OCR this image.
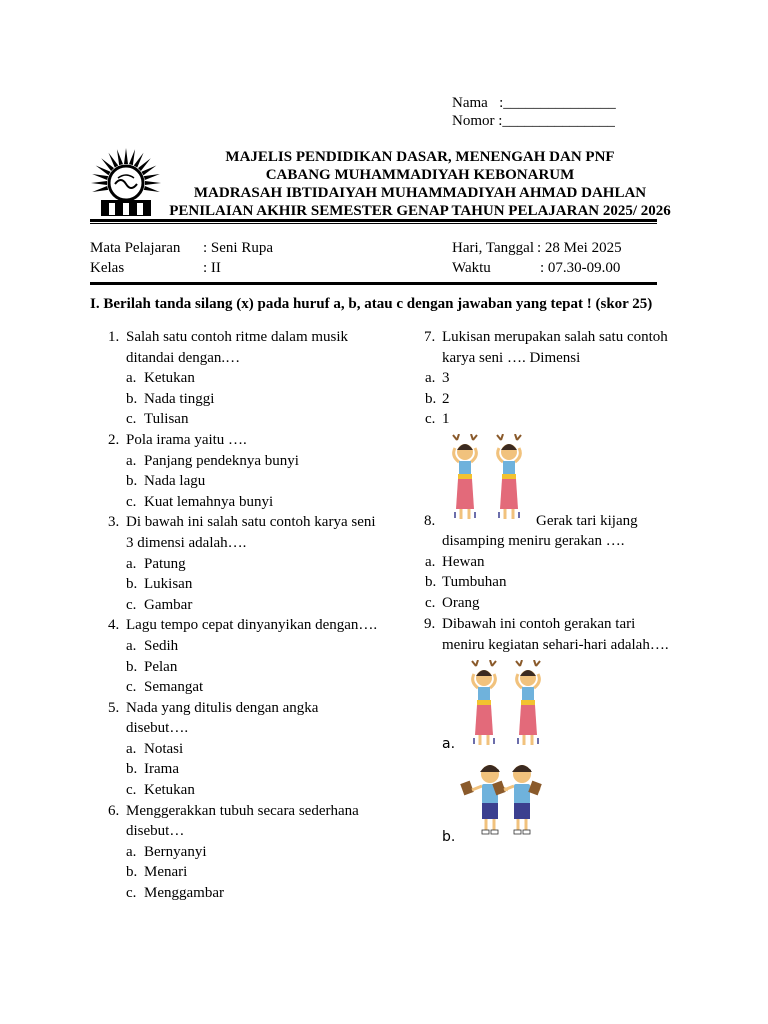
Nama   :_______________
Nomor :_______________
MAJELIS PENDIDIKAN DASAR, MENENGAH DAN PNF
CABANG MUHAMMADIYAH KEBONARUM
MADRASAH IBTIDAIYAH MUHAMMADIYAH AHMAD DAHLAN
PENILAIAN AKHIR SEMESTER GENAP TAHUN PELAJARAN 2025/ 2026
Mata Pelajaran : Seni Rupa
Kelas	: II
Hari, Tanggal : 28 Mei 2025
Waktu	: 07.30-09.00
I. Berilah tanda silang (x) pada huruf a, b, atau c dengan jawaban yang tepat ! (skor 25)
1. Salah satu contoh ritme dalam musik ditandai dengan.…
a. Ketukan
b. Nada tinggi
c. Tulisan
2. Pola irama yaitu ….
a. Panjang pendeknya bunyi
b. Nada lagu
c. Kuat lemahnya bunyi
3. Di bawah ini salah satu contoh karya seni 3 dimensi adalah….
a. Patung
b. Lukisan
c. Gambar
4. Lagu tempo cepat dinyanyikan dengan….
a. Sedih
b. Pelan
c. Semangat
5. Nada yang ditulis dengan angka disebut….
a. Notasi
b. Irama
c. Ketukan
6. Menggerakkan tubuh secara sederhana disebut…
a. Bernyanyi
b. Menari
c. Menggambar
7. Lukisan merupakan salah satu contoh
karya seni …. Dimensi
a. 3
b. 2
c. 1
8.	Gerak tari kijang
disamping meniru gerakan ….
a. Hewan
b. Tumbuhan
c. Orang
9. Dibawah ini contoh gerakan tari
meniru kegiatan sehari-hari adalah….
a.
b.
